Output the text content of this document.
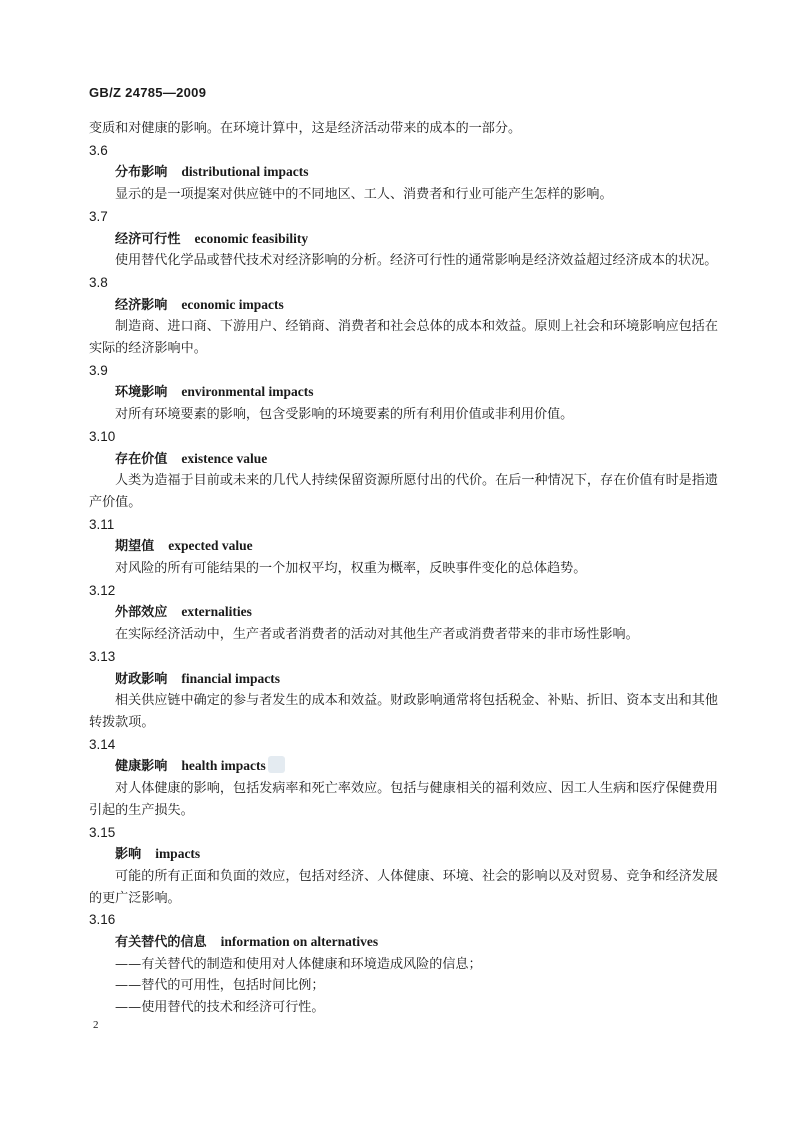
GB/Z 24785—2009

变质和对健康的影响。在环境计算中，这是经济活动带来的成本的一部分。

3.6

分布影响 distributional impacts

显示的是一项提案对供应链中的不同地区、工人、消费者和行业可能产生怎样的影响。

3.7

经济可行性 economic feasibility

使用替代化学品或替代技术对经济影响的分析。经济可行性的通常影响是经济效益超过经济成本的状况。

3.8

经济影响 economic impacts

制造商、进口商、下游用户、经销商、消费者和社会总体的成本和效益。原则上社会和环境影响应包括在实际的经济影响中。

3.9

环境影响 environmental impacts

对所有环境要素的影响，包含受影响的环境要素的所有利用价值或非利用价值。

3.10

存在价值 existence value

人类为造福于目前或未来的几代人持续保留资源所愿付出的代价。在后一种情况下，存在价值有时是指遗产价值。

3.11

期望值 expected value

对风险的所有可能结果的一个加权平均，权重为概率，反映事件变化的总体趋势。

3.12

外部效应 externalities

在实际经济活动中，生产者或者消费者的活动对其他生产者或消费者带来的非市场性影响。

3.13

财政影响 financial impacts

相关供应链中确定的参与者发生的成本和效益。财政影响通常将包括税金、补贴、折旧、资本支出和其他转拨款项。

3.14

健康影响 health impacts

对人体健康的影响，包括发病率和死亡率效应。包括与健康相关的福利效应、因工人生病和医疗保健费用引起的生产损失。

3.15

影响 impacts

可能的所有正面和负面的效应，包括对经济、人体健康、环境、社会的影响以及对贸易、竞争和经济发展的更广泛影响。

3.16

有关替代的信息 information on alternatives

——有关替代的制造和使用对人体健康和环境造成风险的信息；

——替代的可用性，包括时间比例；

——使用替代的技术和经济可行性。

2
